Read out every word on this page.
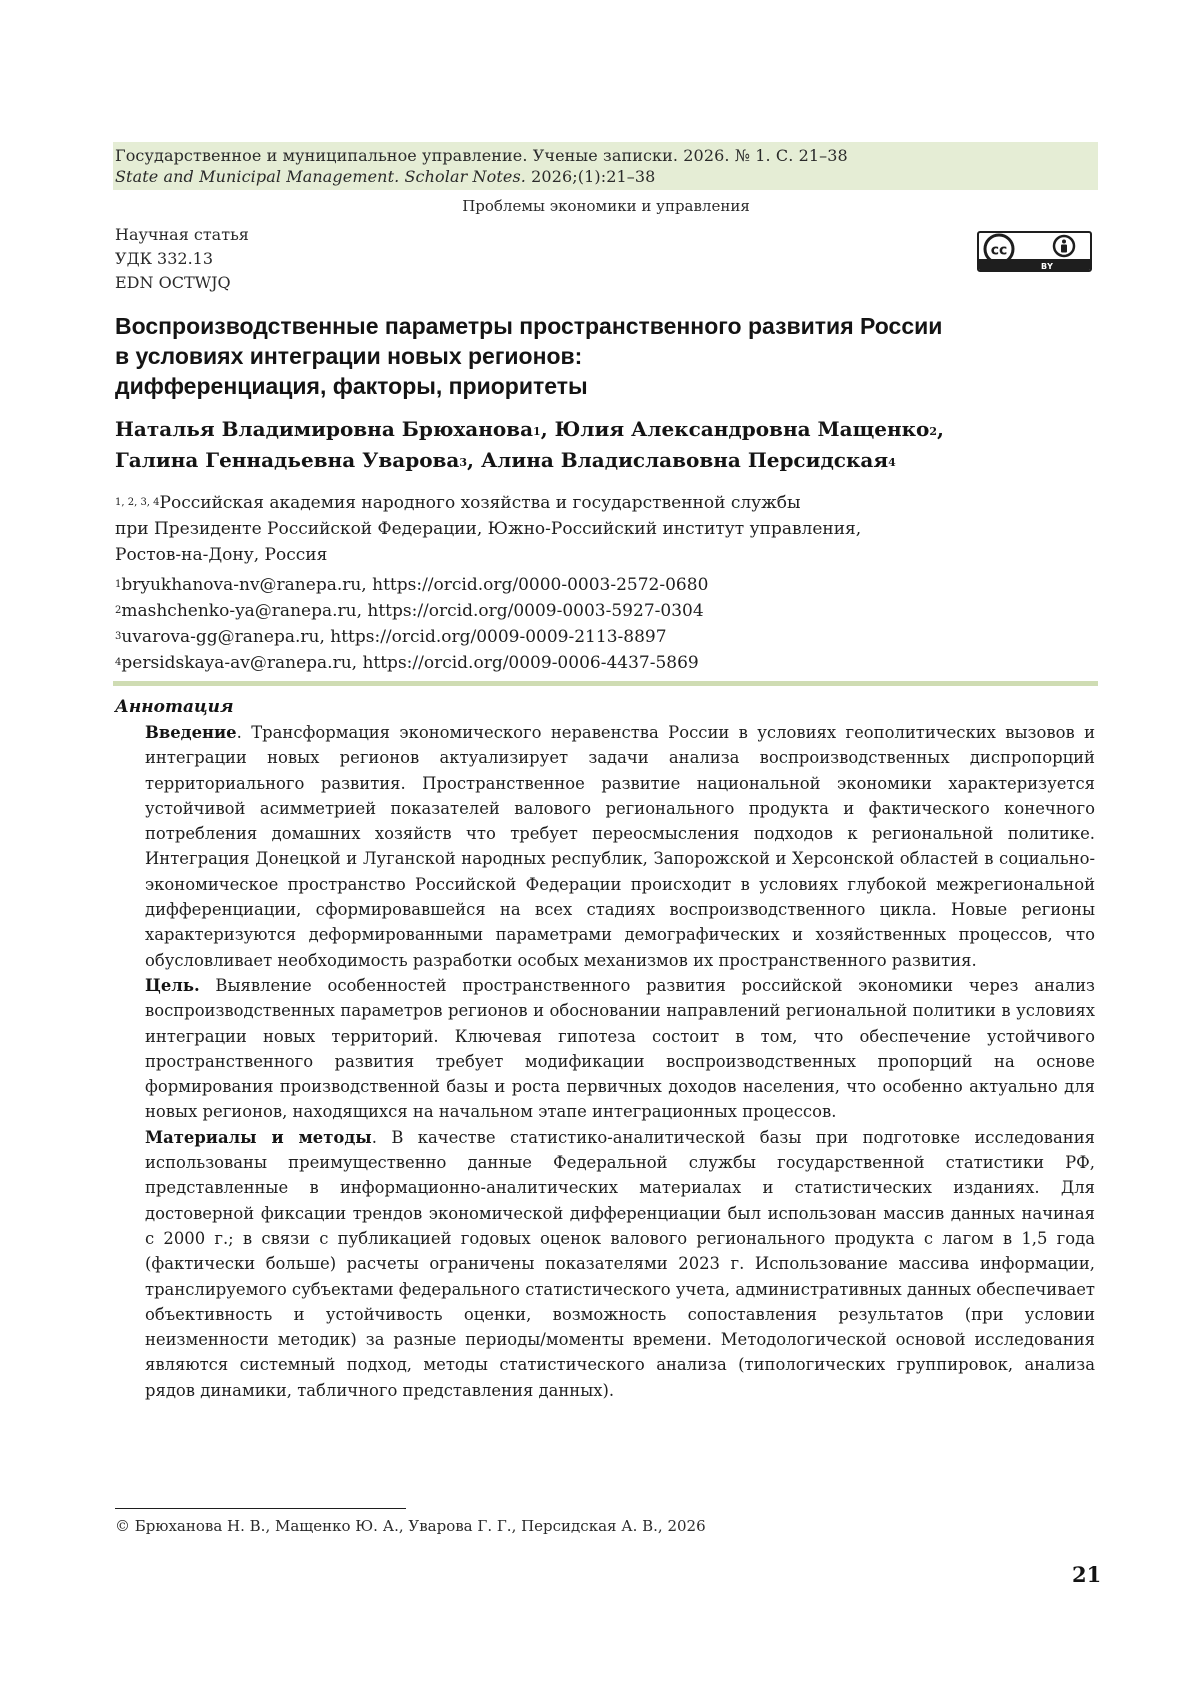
Государственное и муниципальное управление. Ученые записки. 2026. № 1. С. 21–38
State and Municipal Management. Scholar Notes. 2026;(1):21–38
Проблемы экономики и управления
Научная статья
УДК 332.13
EDN OCTWJQ
cc
BY
Воспроизводственные параметры пространственного развития России
в условиях интеграции новых регионов:
дифференциация, факторы, приоритеты
Наталья Владимировна Брюханова$^1$, Юлия Александровна Мащенко$^2$,
Галина Геннадьевна Уварова$^3$, Алина Владиславовна Персидская$^4$
$^{1, 2, 3, 4}$Российская академия народного хозяйства и государственной службы
при Президенте Российской Федерации, Южно-Российский институт управления,
Ростов-на-Дону, Россия
$^1$bryukhanova-nv@ranepa.ru, https://orcid.org/0000-0003-2572-0680
$^2$mashchenko-ya@ranepa.ru, https://orcid.org/0009-0003-5927-0304
$^3$uvarova-gg@ranepa.ru, https://orcid.org/0009-0009-2113-8897
$^4$persidskaya-av@ranepa.ru, https://orcid.org/0009-0006-4437-5869
Аннотация

Введение. Трансформация экономического неравенства России в условиях геополитических вызовов и интеграции новых регионов актуализирует задачи анализа воспроизводственных диспропорций территориального развития. Пространственное развитие национальной экономики характеризуется устойчивой асимметрией показателей валового регионального продукта и фактического конечного потребления домашних хозяйств что требует переосмысления подходов к региональной политике. Интеграция Донецкой и Луганской народных республик, Запорожской и Херсонской областей в социально-экономическое пространство Российской Федерации происходит в условиях глубокой межрегиональной дифференциации, сформировавшейся на всех стадиях воспроизводственного цикла. Новые регионы характеризуются деформированными параметрами демографических и хозяйственных процессов, что обусловливает необходимость разработки особых механизмов их пространственного развития.

Цель. Выявление особенностей пространственного развития российской экономики через анализ воспроизводственных параметров регионов и обосновании направлений региональной политики в условиях интеграции новых территорий. Ключевая гипотеза состоит в том, что обеспечение устойчивого пространственного развития требует модификации воспроизводственных пропорций на основе формирования производственной базы и роста первичных доходов населения, что особенно актуально для новых регионов, находящихся на начальном этапе интеграционных процессов.

Материалы и методы. В качестве статистико-аналитической базы при подготовке исследования использованы преимущественно данные Федеральной службы государственной статистики РФ, представленные в информационно-аналитических материалах и статистических изданиях. Для достоверной фиксации трендов экономической дифференциации был использован массив данных начиная с 2000 г.; в связи с публикацией годовых оценок валового регионального продукта с лагом в 1,5 года (фактически больше) расчеты ограничены показателями 2023 г. Использование массива информации, транслируемого субъектами федерального статистического учета, административных данных обеспечивает объективность и устойчивость оценки, возможность сопоставления результатов (при условии неизменности методик) за разные периоды/моменты времени. Методологической основой исследования являются системный подход, методы статистического анализа (типологических группировок, анализа рядов динамики, табличного представления данных).

© Брюханова Н. В., Мащенко Ю. А., Уварова Г. Г., Персидская А. В., 2026
21
